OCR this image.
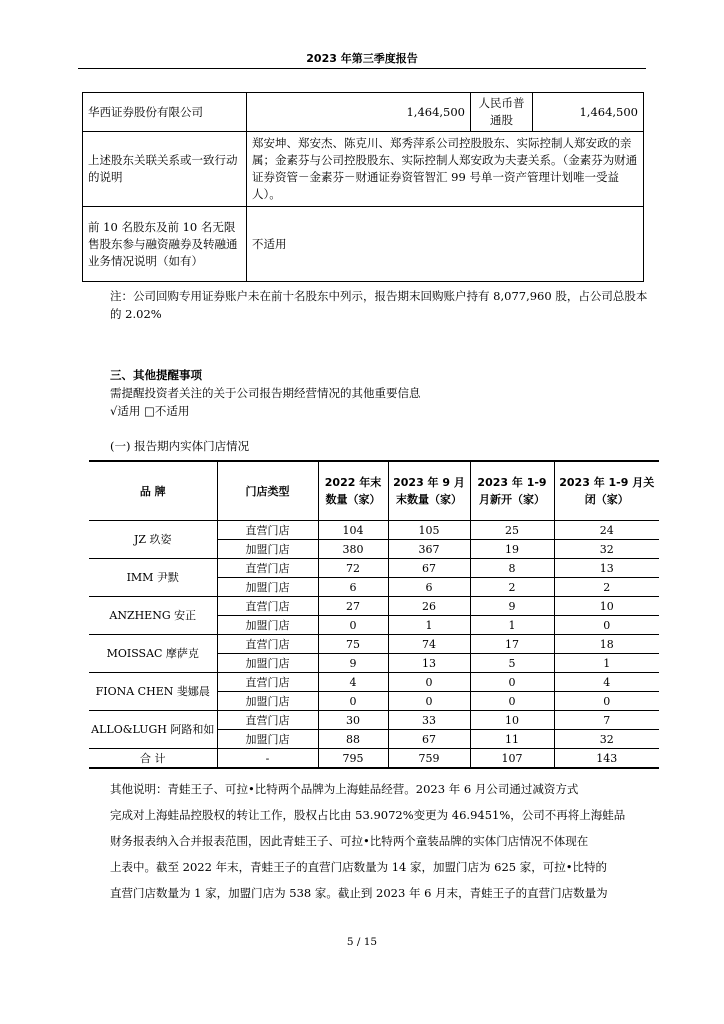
2023 年第三季度报告
华西证券股份有限公司	1,464,500	人民币普通股	1,464,500
上述股东关联关系或一致行动的说明	郑安坤、郑安杰、陈克川、郑秀萍系公司控股股东、实际控制人郑安政的亲属；金素芬与公司控股股东、实际控制人郑安政为夫妻关系。（金素芬为财通证券资管－金素芬－财通证券资管智汇 99 号单一资产管理计划唯一受益人）。		
前 10 名股东及前 10 名无限售股东参与融资融券及转融通业务情况说明（如有）	不适用		

注：公司回购专用证券账户未在前十名股东中列示，报告期末回购账户持有 8,077,960 股，占公司总股本的 2.02%

三、其他提醒事项

需提醒投资者关注的关于公司报告期经营情况的其他重要信息

√适用 □不适用

(一) 报告期内实体门店情况

品 牌	门店类型	2022 年末数量（家）	2023 年 9 月末数量（家）	2023 年 1-9 月新开（家）	2023 年 1-9 月关闭（家）
JZ 玖姿	直营门店	104	105	25	24
	加盟门店	380	367	19	32
IMM 尹默	直营门店	72	67	8	13
	加盟门店	6	6	2	2
ANZHENG 安正	直营门店	27	26	9	10
	加盟门店	0	1	1	0
MOISSAC 摩萨克	直营门店	75	74	17	18
	加盟门店	9	13	5	1
FIONA CHEN 斐娜晨	直营门店	4	0	0	4
	加盟门店	0	0	0	0
ALLO&LUGH 阿路和如	直营门店	30	33	10	7
	加盟门店	88	67	11	32
合 计	-	795	759	107	143

其他说明：青蛙王子、可拉•比特两个品牌为上海蛙品经营。2023 年 6 月公司通过减资方式

完成对上海蛙品控股权的转让工作，股权占比由 53.9072%变更为 46.9451%，公司不再将上海蛙品

财务报表纳入合并报表范围，因此青蛙王子、可拉•比特两个童装品牌的实体门店情况不体现在

上表中。截至 2022 年末，青蛙王子的直营门店数量为 14 家，加盟门店为 625 家，可拉•比特的

直营门店数量为 1 家，加盟门店为 538 家。截止到 2023 年 6 月末，青蛙王子的直营门店数量为

5 / 15
